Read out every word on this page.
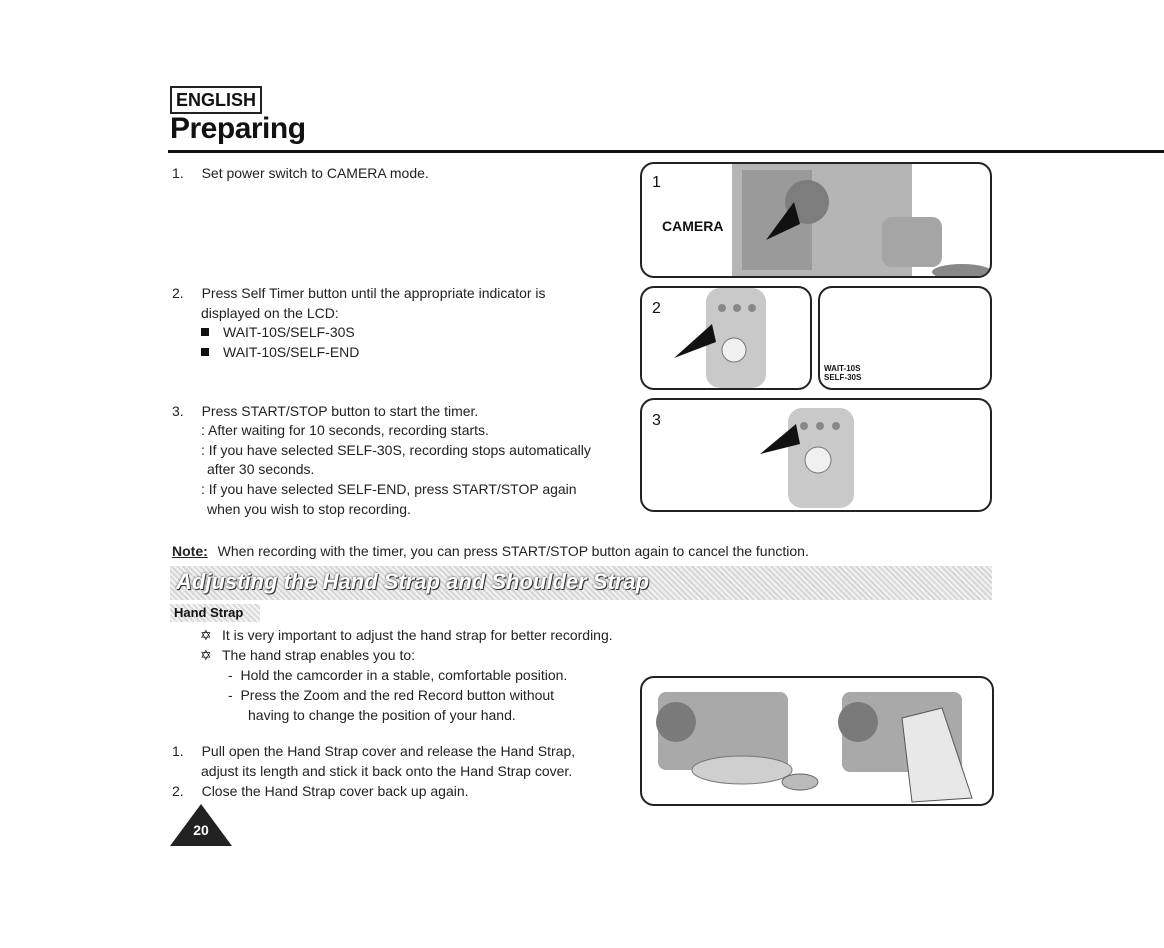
ENGLISH
Preparing
1. Set power switch to CAMERA mode.
2. Press Self Timer button until the appropriate indicator is
displayed on the LCD:
WAIT-10S/SELF-30S
WAIT-10S/SELF-END
3. Press START/STOP button to start the timer.
: After waiting for 10 seconds, recording starts.
: If you have selected SELF-30S, recording stops automatically
after 30 seconds.
: If you have selected SELF-END, press START/STOP again
when you wish to stop recording.
1
CAMERA
2
WAIT-10S
SELF-30S
3
Note: When recording with the timer, you can press START/STOP button again to cancel the function.
Adjusting the Hand Strap and Shoulder Strap
Hand Strap
✡ It is very important to adjust the hand strap for better recording.
✡ The hand strap enables you to:
- Hold the camcorder in a stable, comfortable position.
- Press the Zoom and the red Record button without
having to change the position of your hand.
1. Pull open the Hand Strap cover and release the Hand Strap,
adjust its length and stick it back onto the Hand Strap cover.
2. Close the Hand Strap cover back up again.
20
